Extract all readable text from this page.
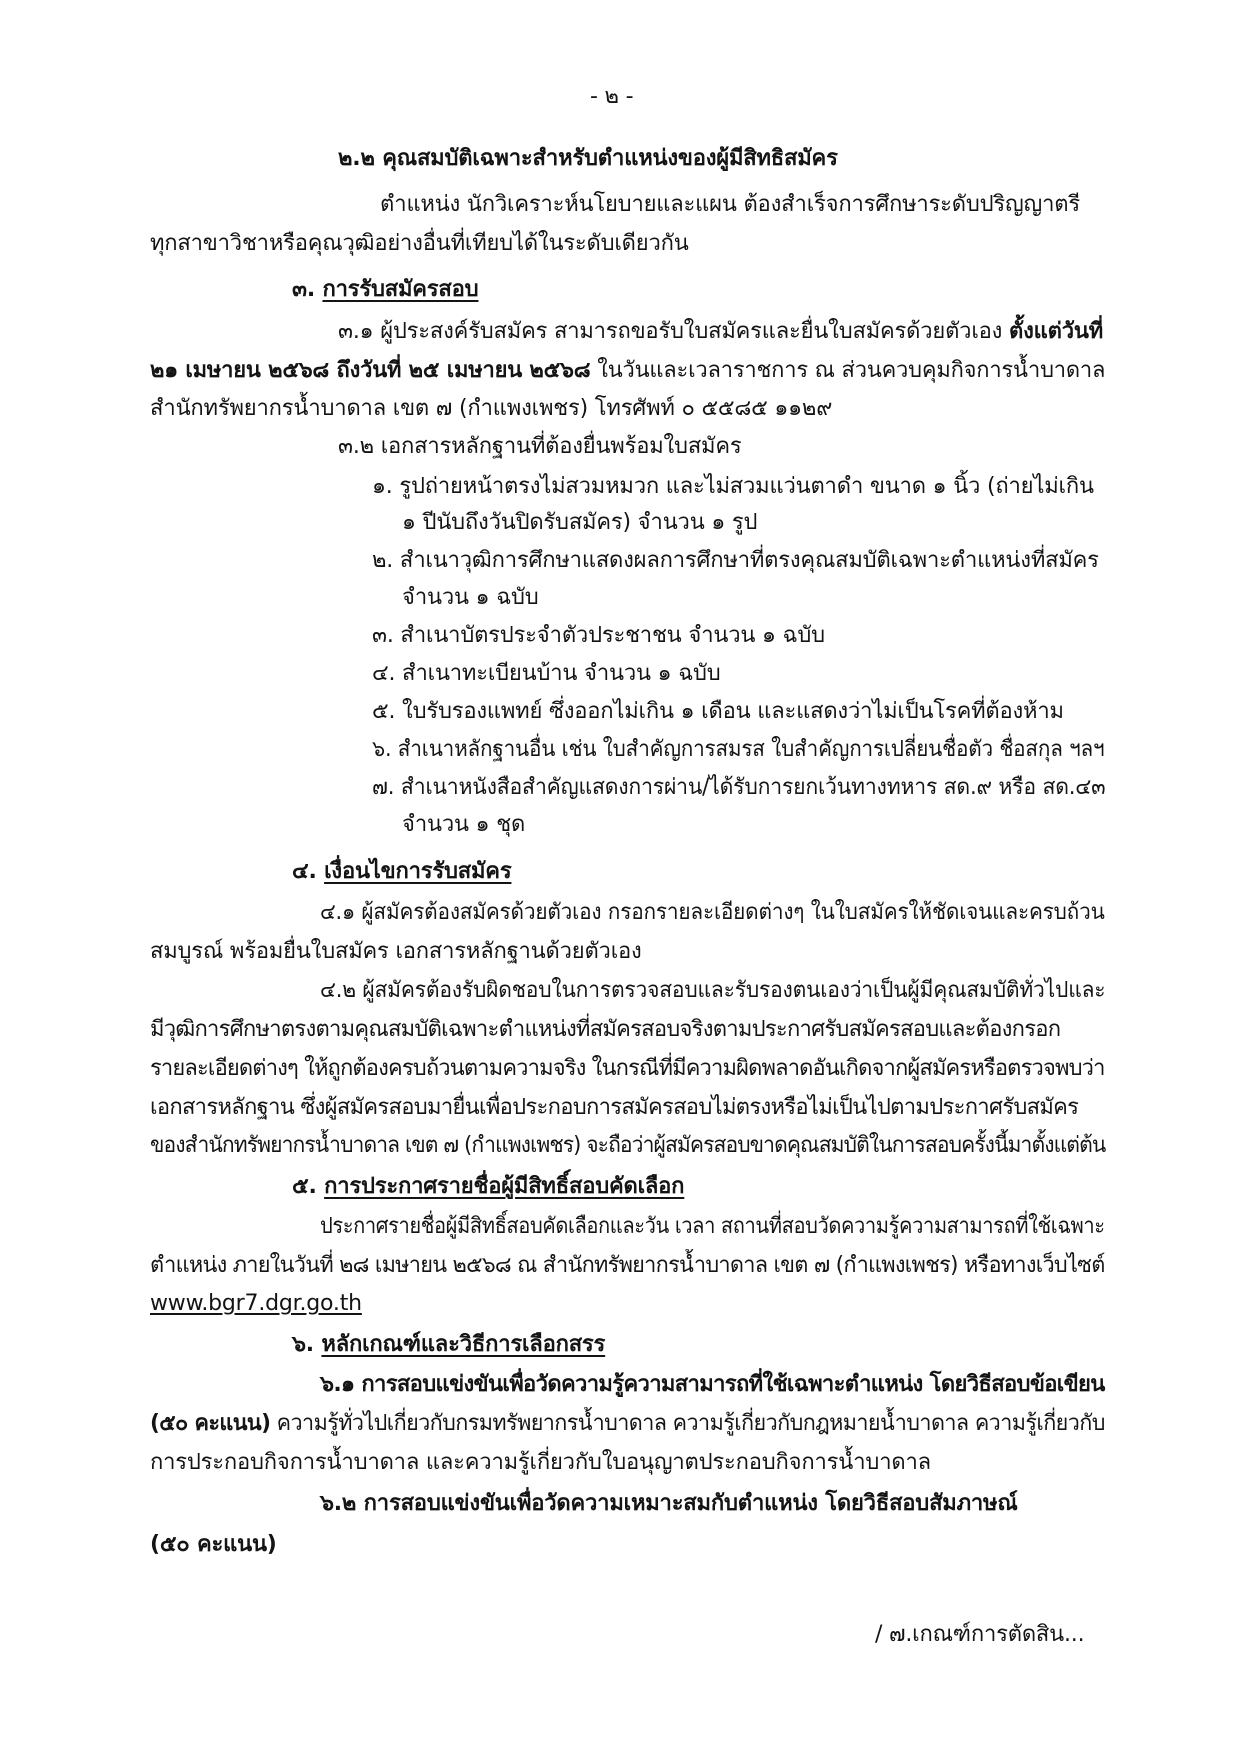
- ๒ -
๒.๒ คุณสมบัติเฉพาะสำหรับตำแหน่งของผู้มีสิทธิสมัคร
ตำแหน่ง นักวิเคราะห์นโยบายและแผน ต้องสำเร็จการศึกษาระดับปริญญาตรี
ทุกสาขาวิชาหรือคุณวุฒิอย่างอื่นที่เทียบได้ในระดับเดียวกัน
๓. การรับสมัครสอบ
๓.๑ ผู้ประสงค์รับสมัคร สามารถขอรับใบสมัครและยื่นใบสมัครด้วยตัวเอง ตั้งแต่วันที่
๒๑ เมษายน ๒๕๖๘ ถึงวันที่ ๒๕ เมษายน ๒๕๖๘ ในวันและเวลาราชการ ณ ส่วนควบคุมกิจการน้ำบาดาล
สำนักทรัพยากรน้ำบาดาล เขต ๗ (กำแพงเพชร) โทรศัพท์ ๐ ๕๕๘๕ ๑๑๒๙
๓.๒ เอกสารหลักฐานที่ต้องยื่นพร้อมใบสมัคร
๑. รูปถ่ายหน้าตรงไม่สวมหมวก และไม่สวมแว่นตาดำ ขนาด ๑ นิ้ว (ถ่ายไม่เกิน
๑ ปีนับถึงวันปิดรับสมัคร) จำนวน ๑ รูป
๒. สำเนาวุฒิการศึกษาแสดงผลการศึกษาที่ตรงคุณสมบัติเฉพาะตำแหน่งที่สมัคร
จำนวน ๑ ฉบับ
๓. สำเนาบัตรประจำตัวประชาชน จำนวน ๑ ฉบับ
๔. สำเนาทะเบียนบ้าน จำนวน ๑ ฉบับ
๕. ใบรับรองแพทย์ ซึ่งออกไม่เกิน ๑ เดือน และแสดงว่าไม่เป็นโรคที่ต้องห้าม
๖. สำเนาหลักฐานอื่น เช่น ใบสำคัญการสมรส ใบสำคัญการเปลี่ยนชื่อตัว ชื่อสกุล ฯลฯ
๗. สำเนาหนังสือสำคัญแสดงการผ่าน/ได้รับการยกเว้นทางทหาร สด.๙ หรือ สด.๔๓
จำนวน ๑ ชุด
๔. เงื่อนไขการรับสมัคร
๔.๑ ผู้สมัครต้องสมัครด้วยตัวเอง กรอกรายละเอียดต่างๆ ในใบสมัครให้ชัดเจนและครบถ้วน
สมบูรณ์ พร้อมยื่นใบสมัคร เอกสารหลักฐานด้วยตัวเอง
๔.๒ ผู้สมัครต้องรับผิดชอบในการตรวจสอบและรับรองตนเองว่าเป็นผู้มีคุณสมบัติทั่วไปและ
มีวุฒิการศึกษาตรงตามคุณสมบัติเฉพาะตำแหน่งที่สมัครสอบจริงตามประกาศรับสมัครสอบและต้องกรอก
รายละเอียดต่างๆ ให้ถูกต้องครบถ้วนตามความจริง ในกรณีที่มีความผิดพลาดอันเกิดจากผู้สมัครหรือตรวจพบว่า
เอกสารหลักฐาน ซึ่งผู้สมัครสอบมายื่นเพื่อประกอบการสมัครสอบไม่ตรงหรือไม่เป็นไปตามประกาศรับสมัคร
ของสำนักทรัพยากรน้ำบาดาล เขต ๗ (กำแพงเพชร) จะถือว่าผู้สมัครสอบขาดคุณสมบัติในการสอบครั้งนี้มาตั้งแต่ต้น
๕. การประกาศรายชื่อผู้มีสิทธิ์สอบคัดเลือก
ประกาศรายชื่อผู้มีสิทธิ์สอบคัดเลือกและวัน เวลา สถานที่สอบวัดความรู้ความสามารถที่ใช้เฉพาะ
ตำแหน่ง ภายในวันที่ ๒๘ เมษายน ๒๕๖๘ ณ สำนักทรัพยากรน้ำบาดาล เขต ๗ (กำแพงเพชร) หรือทางเว็บไซต์
www.bgr7.dgr.go.th
๖. หลักเกณฑ์และวิธีการเลือกสรร
๖.๑ การสอบแข่งขันเพื่อวัดความรู้ความสามารถที่ใช้เฉพาะตำแหน่ง โดยวิธีสอบข้อเขียน
(๕๐ คะแนน) ความรู้ทั่วไปเกี่ยวกับกรมทรัพยากรน้ำบาดาล ความรู้เกี่ยวกับกฎหมายน้ำบาดาล ความรู้เกี่ยวกับ
การประกอบกิจการน้ำบาดาล และความรู้เกี่ยวกับใบอนุญาตประกอบกิจการน้ำบาดาล
๖.๒ การสอบแข่งขันเพื่อวัดความเหมาะสมกับตำแหน่ง โดยวิธีสอบสัมภาษณ์
(๕๐ คะแนน)
/ ๗.เกณฑ์การตัดสิน...
